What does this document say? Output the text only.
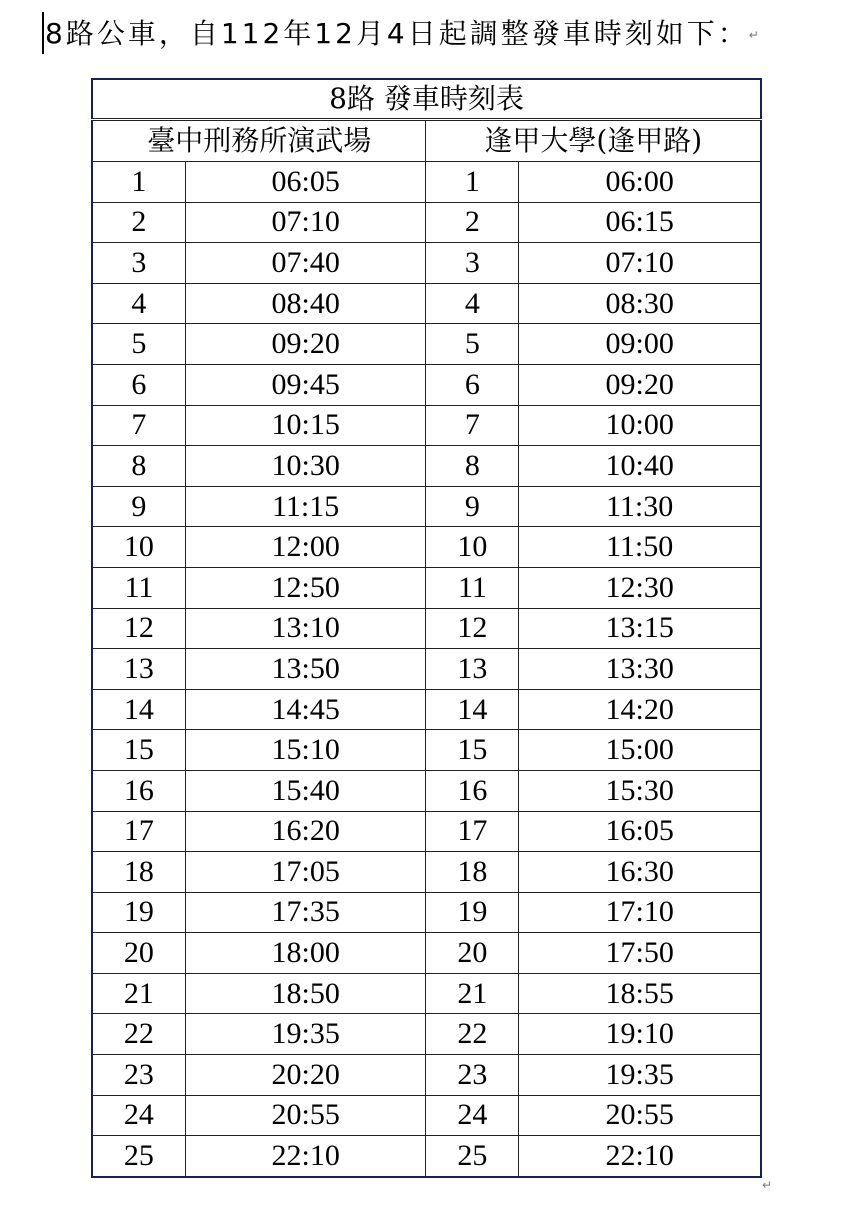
8路公車，自112年12月4日起調整發車時刻如下：↵
8路 發車時刻表			
臺中刑務所演武場		逢甲大學(逢甲路)	
1	06:05	1	06:00
2	07:10	2	06:15
3	07:40	3	07:10
4	08:40	4	08:30
5	09:20	5	09:00
6	09:45	6	09:20
7	10:15	7	10:00
8	10:30	8	10:40
9	11:15	9	11:30
10	12:00	10	11:50
11	12:50	11	12:30
12	13:10	12	13:15
13	13:50	13	13:30
14	14:45	14	14:20
15	15:10	15	15:00
16	15:40	16	15:30
17	16:20	17	16:05
18	17:05	18	16:30
19	17:35	19	17:10
20	18:00	20	17:50
21	18:50	21	18:55
22	19:35	22	19:10
23	20:20	23	19:35
24	20:55	24	20:55
25	22:10	25	22:10
↵
